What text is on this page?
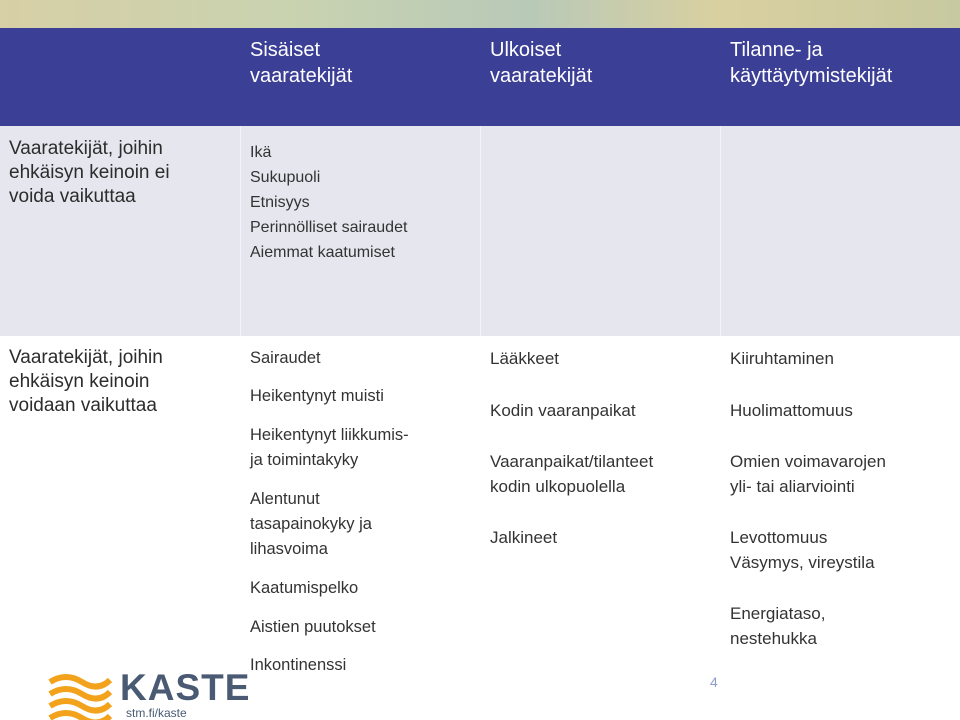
Sisäiset
vaaratekijät
Ulkoiset
vaaratekijät
Tilanne- ja
käyttäytymistekijät
Vaaratekijät, joihin
ehkäisyn keinoin ei
voida vaikuttaa
Ikä
Sukupuoli
Etnisyys
Perinnölliset sairaudet
Aiemmat kaatumiset
Vaaratekijät, joihin
ehkäisyn keinoin
voidaan vaikuttaa
Sairaudet
Heikentynyt muisti
Heikentynyt liikkumis-
ja toimintakyky
Alentunut
tasapainokyky ja
lihasvoima
Kaatumispelko
Aistien puutokset
Inkontinenssi
Lääkkeet
Kodin vaaranpaikat
Vaaranpaikat/tilanteet
kodin ulkopuolella
Jalkineet
Kiiruhtaminen
Huolimattomuus
Omien voimavarojen
yli- tai aliarviointi
Levottomuus
Väsymys, vireystila
Energiataso,
nestehukka
4
KASTE
stm.fi/kaste
